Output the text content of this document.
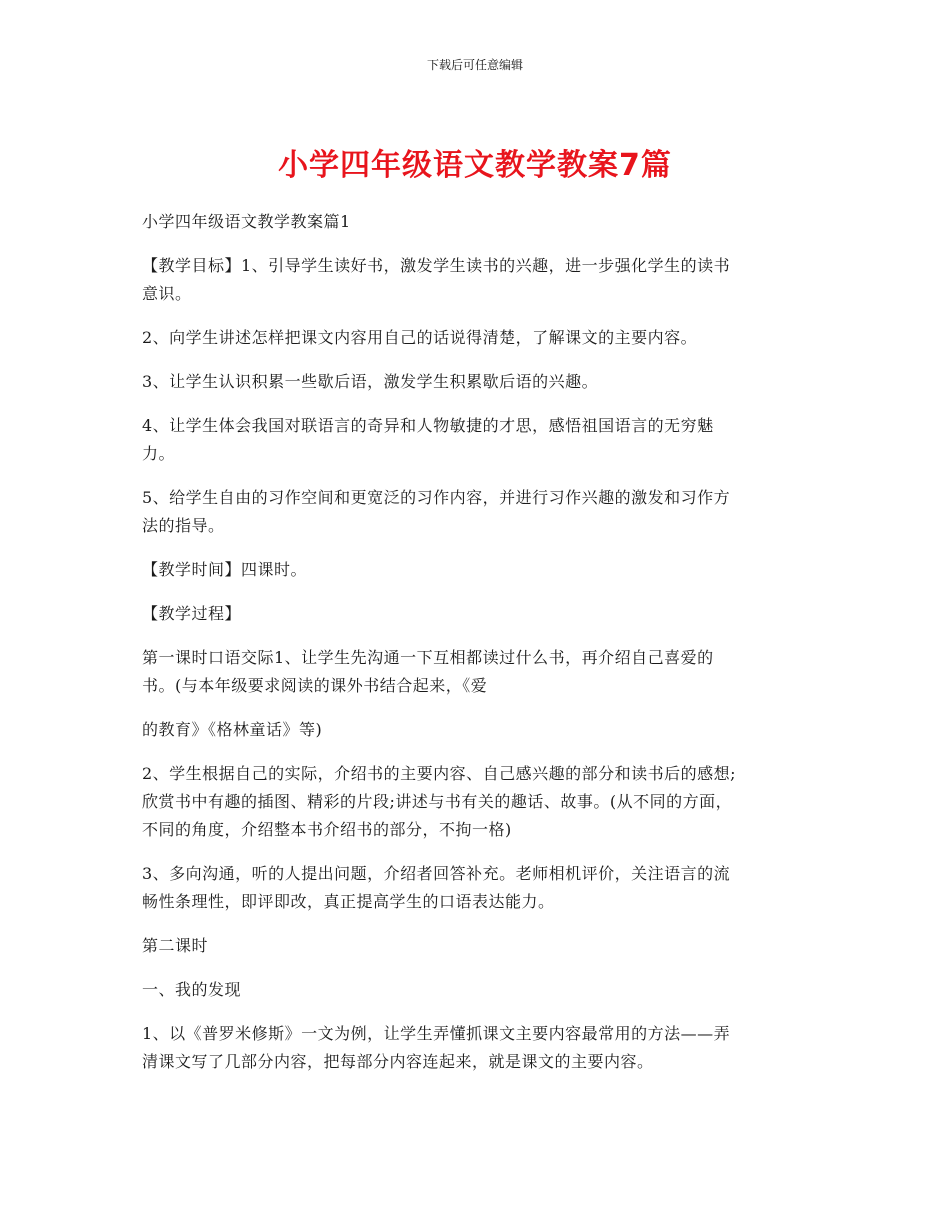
下载后可任意编辑
小学四年级语文教学教案7篇

小学四年级语文教学教案篇1

【教学目标】1、引导学生读好书，激发学生读书的兴趣，进一步强化学生的读书
意识。

2、向学生讲述怎样把课文内容用自己的话说得清楚，了解课文的主要内容。

3、让学生认识积累一些歇后语，激发学生积累歇后语的兴趣。

4、让学生体会我国对联语言的奇异和人物敏捷的才思，感悟祖国语言的无穷魅
力。

5、给学生自由的习作空间和更宽泛的习作内容，并进行习作兴趣的激发和习作方
法的指导。

【教学时间】四课时。

【教学过程】

第一课时口语交际1、让学生先沟通一下互相都读过什么书，再介绍自己喜爱的
书。(与本年级要求阅读的课外书结合起来，《爱

的教育》《格林童话》等)

2、学生根据自己的实际，介绍书的主要内容、自己感兴趣的部分和读书后的感想;
欣赏书中有趣的插图、精彩的片段;讲述与书有关的趣话、故事。(从不同的方面，
不同的角度，介绍整本书介绍书的部分，不拘一格)

3、多向沟通，听的人提出问题，介绍者回答补充。老师相机评价，关注语言的流
畅性条理性，即评即改，真正提高学生的口语表达能力。

第二课时

一、我的发现

1、以《普罗米修斯》一文为例，让学生弄懂抓课文主要内容最常用的方法——弄
清课文写了几部分内容，把每部分内容连起来，就是课文的主要内容。
